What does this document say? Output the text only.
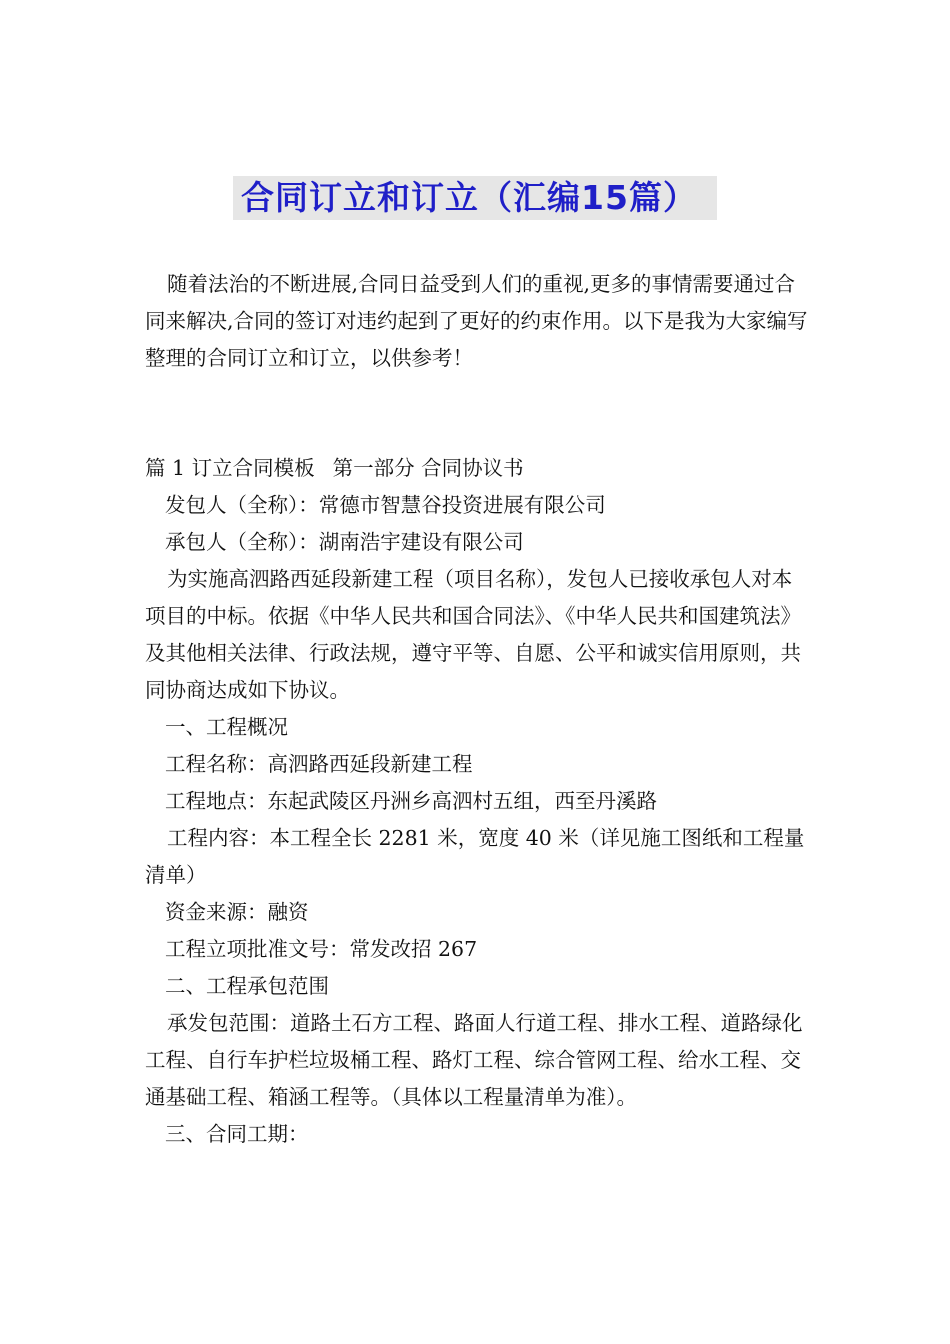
合同订立和订立（汇编15篇）

随着法治的不断进展,合同日益受到人们的重视,更多的事情需要通过合同来解决,合同的签订对违约起到了更好的约束作用。以下是我为大家编写整理的合同订立和订立，以供参考！

篇 1 订立合同模板 第一部分 合同协议书

发包人（全称）：常德市智慧谷投资进展有限公司

承包人（全称）：湖南浩宇建设有限公司

为实施高泗路西延段新建工程（项目名称），发包人已接收承包人对本项目的中标。依据《中华人民共和国合同法》、《中华人民共和国建筑法》及其他相关法律、行政法规，遵守平等、自愿、公平和诚实信用原则，共同协商达成如下协议。

一、工程概况

工程名称：高泗路西延段新建工程

工程地点：东起武陵区丹洲乡高泗村五组，西至丹溪路

工程内容：本工程全长 2281 米，宽度 40 米（详见施工图纸和工程量清单）

资金来源：融资

工程立项批准文号：常发改招 267

二、工程承包范围

承发包范围：道路土石方工程、路面人行道工程、排水工程、道路绿化工程、自行车护栏垃圾桶工程、路灯工程、综合管网工程、给水工程、交通基础工程、箱涵工程等。（具体以工程量清单为准）。

三、合同工期：
